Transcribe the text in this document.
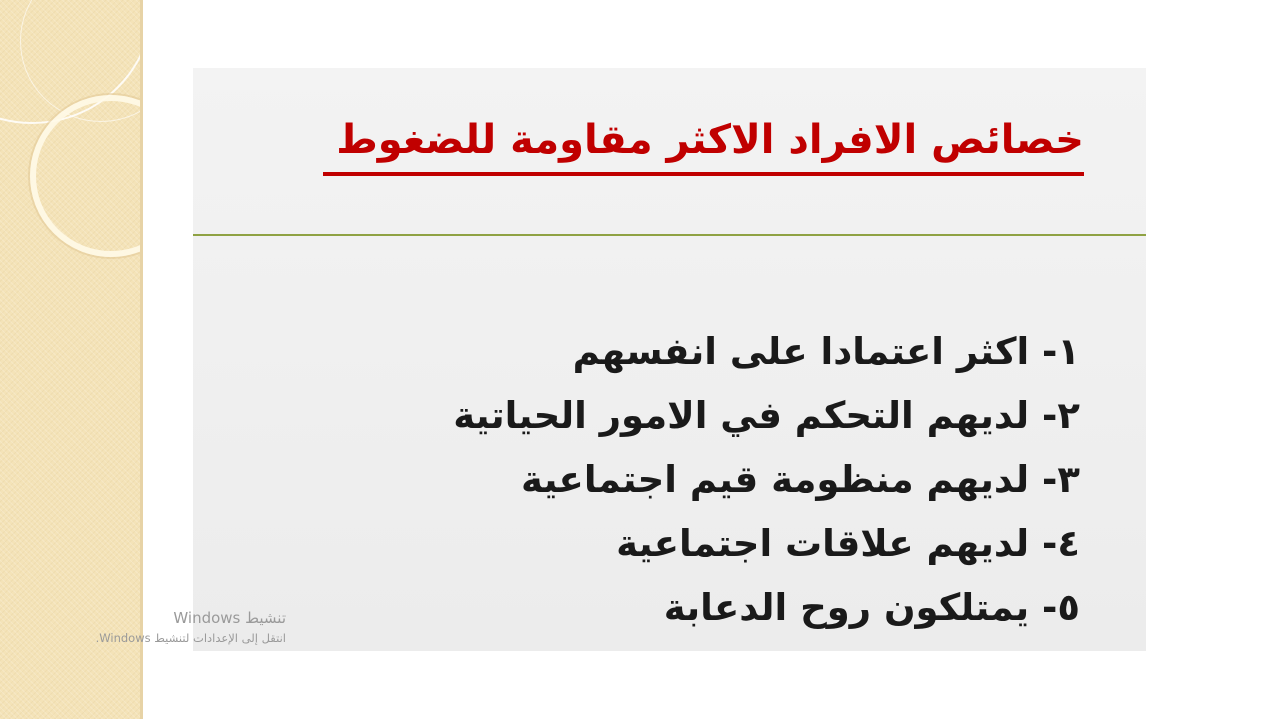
خصائص الافراد الاكثر مقاومة للضغوط
١- اكثر اعتمادا على انفسهم
٢- لديهم التحكم في الامور الحياتية
٣- لديهم منظومة قيم اجتماعية
٤- لديهم علاقات اجتماعية
٥- يمتلكون روح الدعابة
تنشيط Windows
انتقل إلى الإعدادات لتنشيط Windows.
